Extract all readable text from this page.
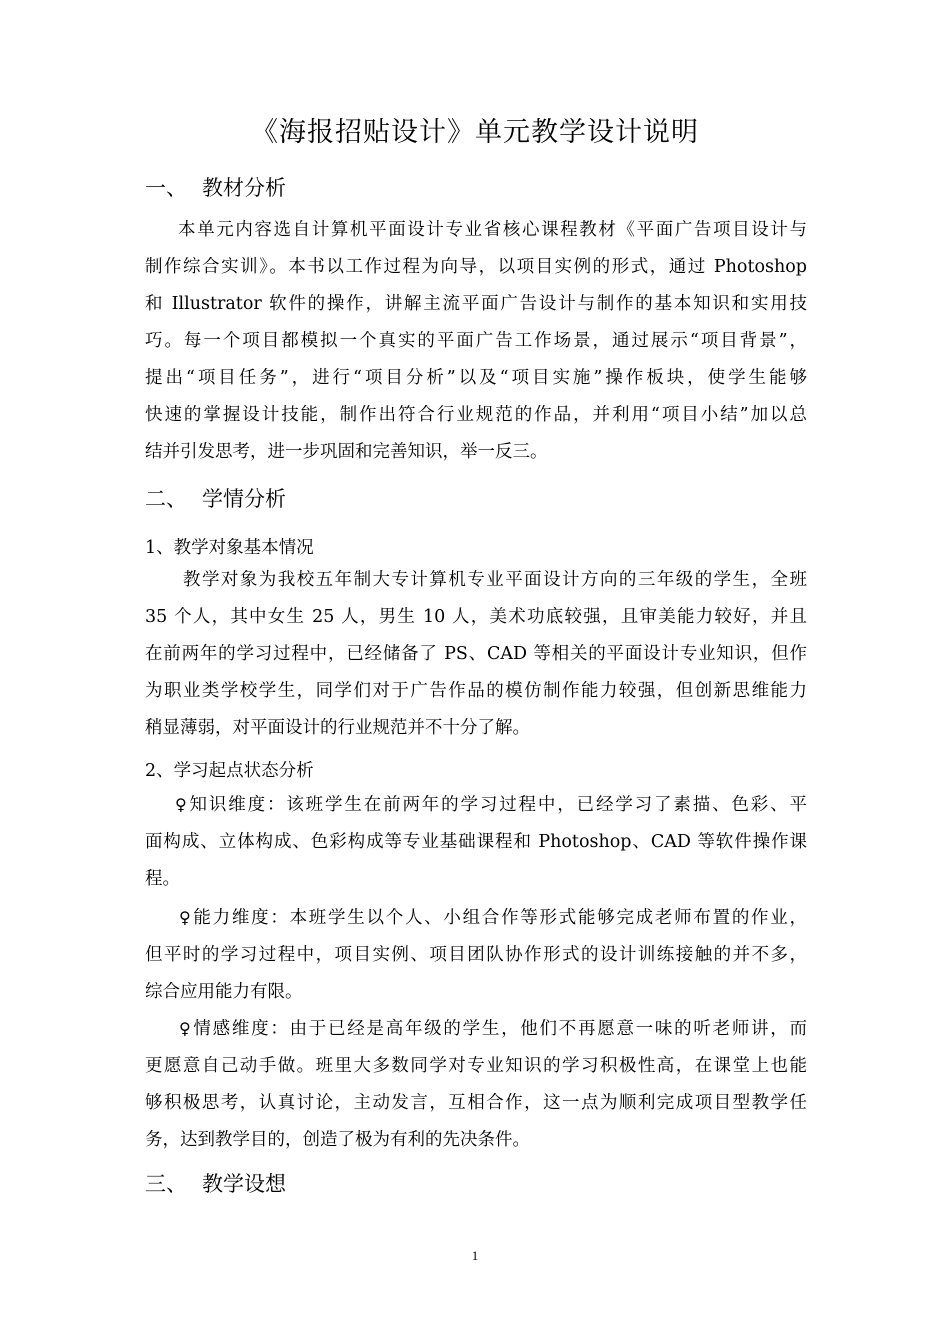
《海报招贴设计》单元教学设计说明
一、 教材分析
本单元内容选自计算机平面设计专业省核心课程教材《平面广告项目设计与
制作综合实训》。本书以工作过程为向导，以项目实例的形式，通过 Photoshop
和 Illustrator 软件的操作，讲解主流平面广告设计与制作的基本知识和实用技
巧。每一个项目都模拟一个真实的平面广告工作场景，通过展示“项目背景”，
提出“项目任务”，进行“项目分析”以及“项目实施”操作板块，使学生能够
快速的掌握设计技能，制作出符合行业规范的作品，并利用“项目小结”加以总
结并引发思考，进一步巩固和完善知识，举一反三。
二、 学情分析
1、教学对象基本情况
教学对象为我校五年制大专计算机专业平面设计方向的三年级的学生，全班
35 个人，其中女生 25 人，男生 10 人，美术功底较强，且审美能力较好，并且
在前两年的学习过程中，已经储备了 PS、CAD 等相关的平面设计专业知识，但作
为职业类学校学生，同学们对于广告作品的模仿制作能力较强，但创新思维能力
稍显薄弱，对平面设计的行业规范并不十分了解。
2、学习起点状态分析
♀知识维度：该班学生在前两年的学习过程中，已经学习了素描、色彩、平
面构成、立体构成、色彩构成等专业基础课程和 Photoshop、CAD 等软件操作课
程。
♀能力维度：本班学生以个人、小组合作等形式能够完成老师布置的作业，
但平时的学习过程中，项目实例、项目团队协作形式的设计训练接触的并不多，
综合应用能力有限。
♀情感维度：由于已经是高年级的学生，他们不再愿意一味的听老师讲，而
更愿意自己动手做。班里大多数同学对专业知识的学习积极性高，在课堂上也能
够积极思考，认真讨论，主动发言，互相合作，这一点为顺利完成项目型教学任
务，达到教学目的，创造了极为有利的先决条件。
三、 教学设想
1
